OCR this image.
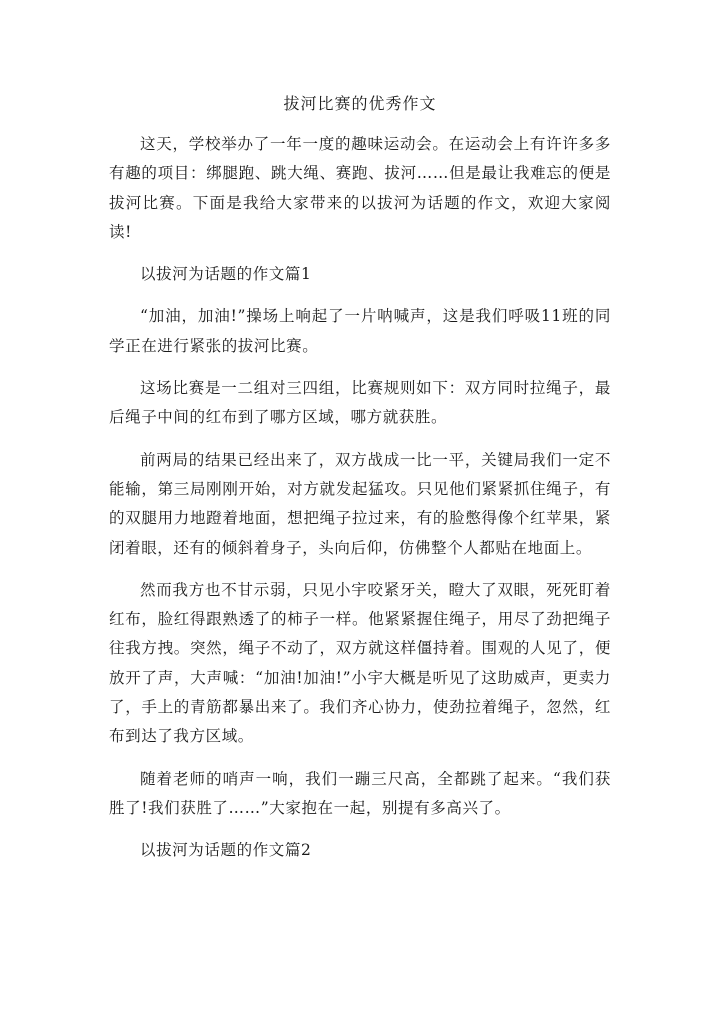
拔河比赛的优秀作文

这天，学校举办了一年一度的趣味运动会。在运动会上有许许多多有趣的项目：绑腿跑、跳大绳、赛跑、拔河……但是最让我难忘的便是拔河比赛。下面是我给大家带来的以拔河为话题的作文，欢迎大家阅读!

以拔河为话题的作文篇1

“加油，加油!”操场上响起了一片呐喊声，这是我们呼吸11班的同学正在进行紧张的拔河比赛。

这场比赛是一二组对三四组，比赛规则如下：双方同时拉绳子，最后绳子中间的红布到了哪方区域，哪方就获胜。

前两局的结果已经出来了，双方战成一比一平，关键局我们一定不能输，第三局刚刚开始，对方就发起猛攻。只见他们紧紧抓住绳子，有的双腿用力地蹬着地面，想把绳子拉过来，有的脸憋得像个红苹果，紧闭着眼，还有的倾斜着身子，头向后仰，仿佛整个人都贴在地面上。

然而我方也不甘示弱，只见小宇咬紧牙关，瞪大了双眼，死死盯着红布，脸红得跟熟透了的柿子一样。他紧紧握住绳子，用尽了劲把绳子往我方拽。突然，绳子不动了，双方就这样僵持着。围观的人见了，便放开了声，大声喊：“加油!加油!”小宇大概是听见了这助威声，更卖力了，手上的青筋都暴出来了。我们齐心协力，使劲拉着绳子，忽然，红布到达了我方区域。

随着老师的哨声一响，我们一蹦三尺高，全都跳了起来。“我们获胜了!我们获胜了……”大家抱在一起，别提有多高兴了。

以拔河为话题的作文篇2
